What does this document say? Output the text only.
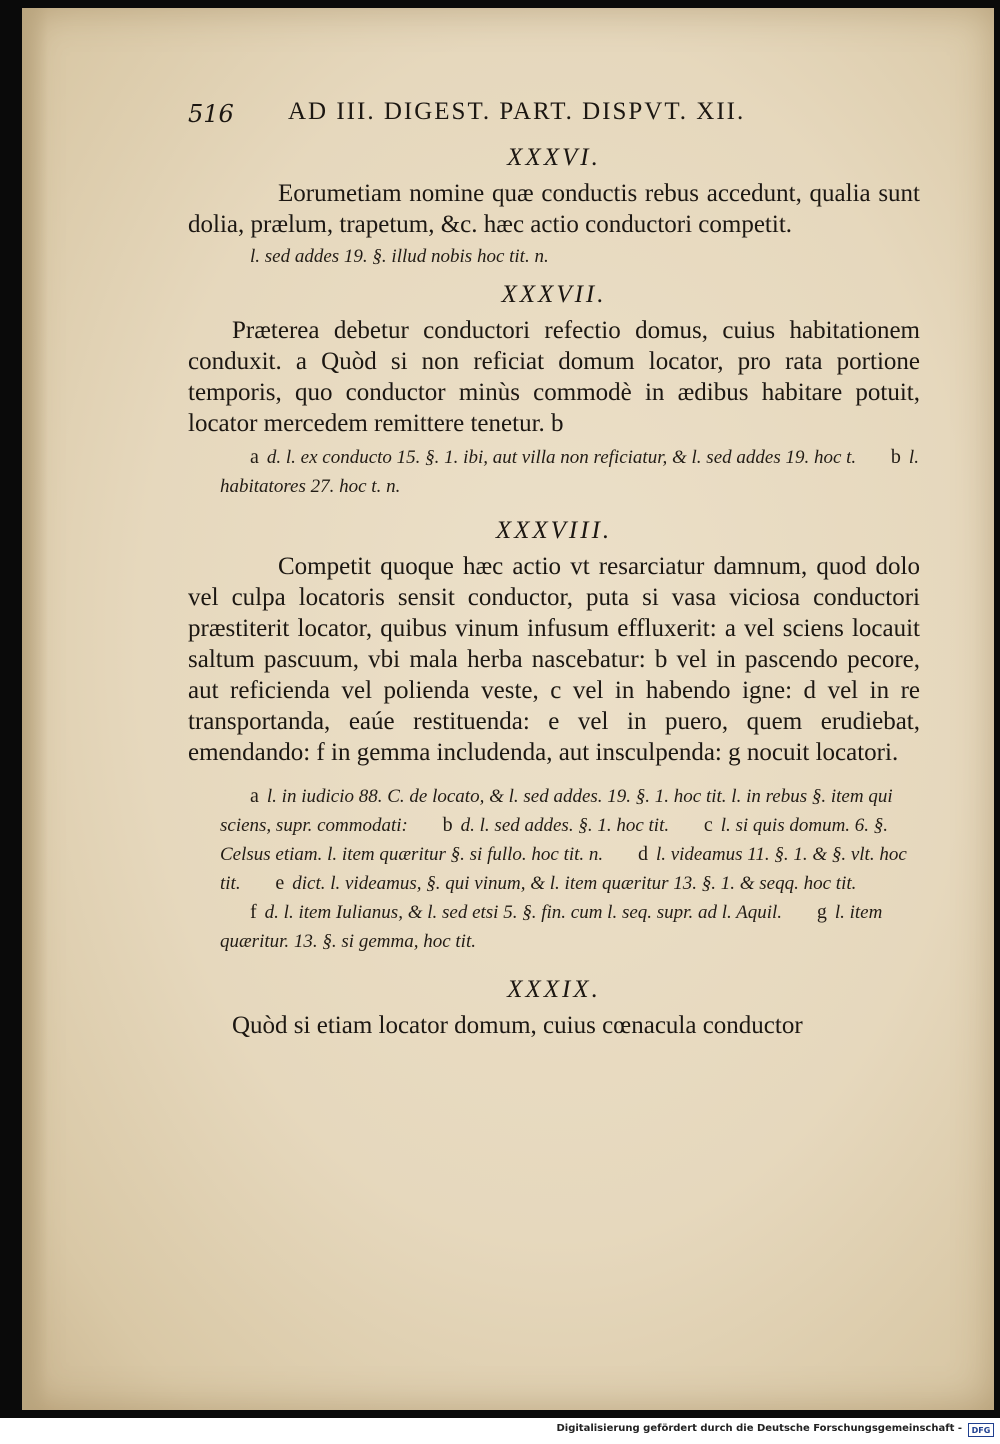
516 AD III. DIGEST. PART. DISPVT. XII.
XXXVI.

Eorumetiam nomine quæ conductis rebus accedunt, qualia sunt dolia, prælum, trapetum, &c. hæc actio conductori competit.

l. sed addes 19. §. illud nobis hoc tit. n.

XXXVII.

Præterea debetur conductori refectio domus, cuius habitationem conduxit. a Quòd si non reficiat domum locator, pro rata portione temporis, quo conductor minùs commodè in ædibus habitare potuit, locator mercedem remittere tenetur. b

a d. l. ex conducto 15. §. 1. ibi, aut villa non reficiatur, & l. sed addes 19. hoc t. b l. habitatores 27. hoc t. n.

XXXVIII.

Competit quoque hæc actio vt resarciatur damnum, quod dolo vel culpa locatoris sensit conductor, puta si vasa viciosa conductori præstiterit locator, quibus vinum infusum effluxerit: a vel sciens locauit saltum pascuum, vbi mala herba nascebatur: b vel in pascendo pecore, aut reficienda vel polienda veste, c vel in habendo igne: d vel in re transportanda, eaúe restituenda: e vel in puero, quem erudiebat, emendando: f in gemma includenda, aut insculpenda: g nocuit locatori.

a l. in iudicio 88. C. de locato, & l. sed addes. 19. §. 1. hoc tit. l. in rebus §. item qui sciens, supr. commodati: b d. l. sed addes. §. 1. hoc tit. c l. si quis domum. 6. §. Celsus etiam. l. item quæritur §. si fullo. hoc tit. n. d l. videamus 11. §. 1. & §. vlt. hoc tit. e dict. l. videamus, §. qui vinum, & l. item quæritur 13. §. 1. & seqq. hoc tit. f d. l. item Iulianus, & l. sed etsi 5. §. fin. cum l. seq. supr. ad l. Aquil. g l. item quæritur. 13. §. si gemma, hoc tit.

XXXIX.

Quòd si etiam locator domum, cuius cœnacula conductor

Digitalisierung gefördert durch die Deutsche Forschungsgemeinschaft -	DFG
